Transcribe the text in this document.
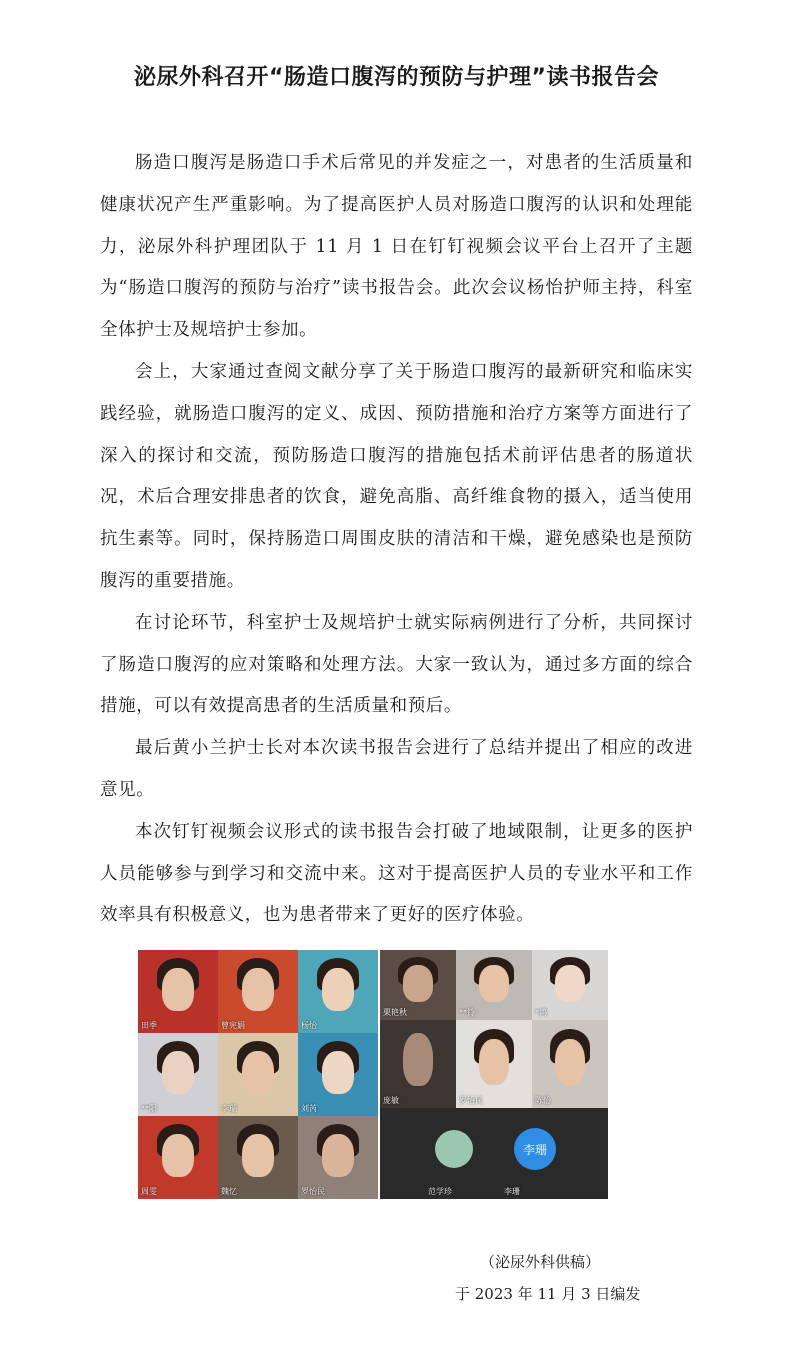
泌尿外科召开“肠造口腹泻的预防与护理”读书报告会

肠造口腹泻是肠造口手术后常见的并发症之一，对患者的生活质量和健康状况产生严重影响。为了提高医护人员对肠造口腹泻的认识和处理能力，泌尿外科护理团队于 11 月 1 日在钉钉视频会议平台上召开了主题为“肠造口腹泻的预防与治疗”读书报告会。此次会议杨怡护师主持，科室全体护士及规培护士参加。

会上，大家通过查阅文献分享了关于肠造口腹泻的最新研究和临床实践经验，就肠造口腹泻的定义、成因、预防措施和治疗方案等方面进行了深入的探讨和交流，预防肠造口腹泻的措施包括术前评估患者的肠道状况，术后合理安排患者的饮食，避免高脂、高纤维食物的摄入，适当使用抗生素等。同时，保持肠造口周围皮肤的清洁和干燥，避免感染也是预防腹泻的重要措施。

在讨论环节，科室护士及规培护士就实际病例进行了分析，共同探讨了肠造口腹泻的应对策略和处理方法。大家一致认为，通过多方面的综合措施，可以有效提高患者的生活质量和预后。

最后黄小兰护士长对本次读书报告会进行了总结并提出了相应的改进意见。

本次钉钉视频会议形式的读书报告会打破了地域限制，让更多的医护人员能够参与到学习和交流中来。这对于提高医护人员的专业水平和工作效率具有积极意义，也为患者带来了更好的医疗体验。

田季	曾宪娟	杨怡
**阳	李瑞	刘芮
周雯	魏忆	罗怡民
栗艳秋	**铃	*鸿
庞敏	罗怡民	陈怡
范学珍
李珊
李珊
（泌尿外科供稿）
于 2023 年 11 月 3 日编发
